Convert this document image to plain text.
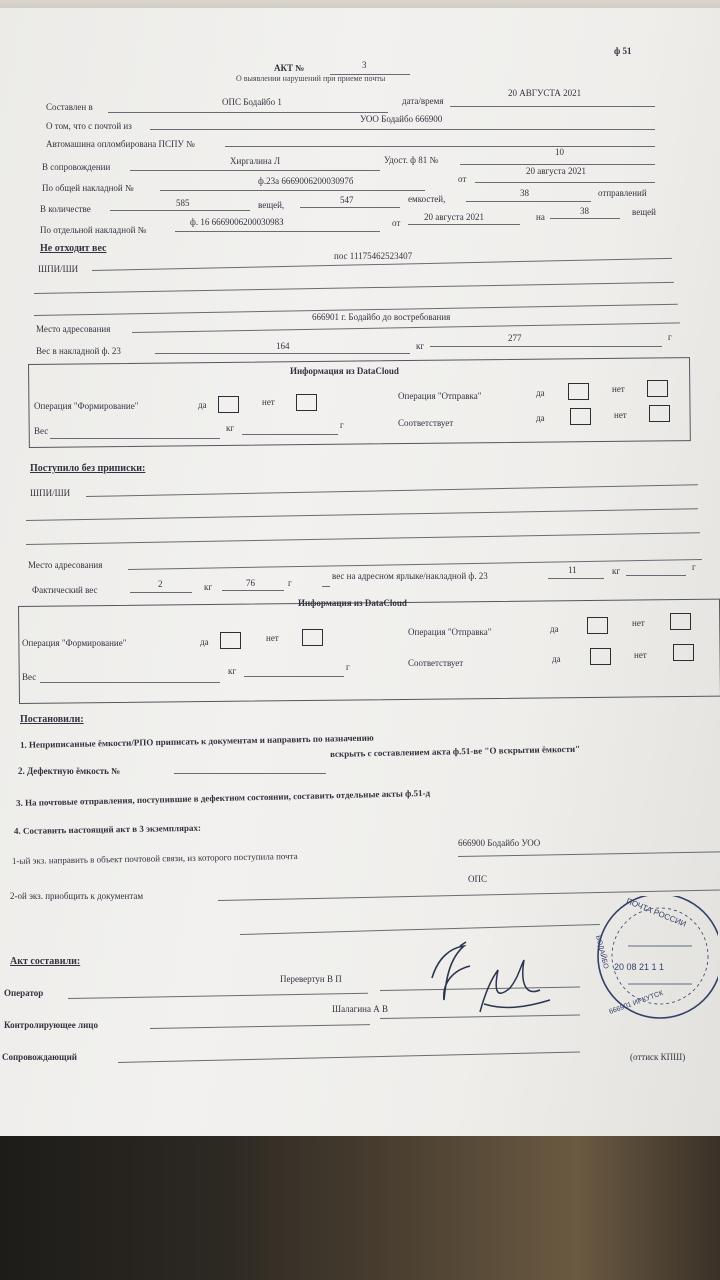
ф 51
АКТ №	3
О выявлении нарушений при приеме почты
Составлен в	ОПС Бодайбо 1	дата/время
20 АВГУСТА 2021
О том, что с почтой из
УОО Бодайбо 666900
Автомашина опломбирована ПСПУ №
В сопровождении
Хиргалина Л	Удост. ф 81 №
10
По общей накладной №
ф.23а 666900620003097б	от
20 августа 2021
В количестве
585	вещей,	547	емкостей,
38	отправлений
По отдельной накладной №
ф. 16 666900620003098З	от
20 августа 2021	на
38	вещей
Не отходит вес
ШПИ/ШИ
пос 11175462523407
Место адресования
666901 г. Бодайбо до востребования
Вес в накладной ф. 23	164	кг
277	г
Информация из DataCloud
Операция "Формирование"	да	нет
Операция "Отправка"	да	нет
Вес	кг	г	Соответствует	да	нет
Поступило без приписки:
ШПИ/ШИ
Место адресования
Фактический вес
2	кг	76	г
вес на адресном ярлыке/накладной ф. 23
11	кг	г
Информация из DataCloud
Операция "Формирование"	да	нет
Операция "Отправка"	да
нет
Вес
кг	г	Соответствует	да	нет
Постановили:
1. Неприписанные ёмкости/РПО приписать к документам и направить по назначению
2. Дефектную ёмкость №
вскрыть с составлением акта ф.51-ве "О вскрытии ёмкости"
3. На почтовые отправления, поступившие в дефектном состоянии, составить отдельные акты ф.51-д
4. Составить настоящий акт в 3 экземплярах:
1-ый экз. направить в объект почтовой связи, из которого поступила почта
666900 Бодайбо УОО
2-ой экз. приобщить к документам
ОПС
Акт составили:
Оператор
Перевертун В П
Контролирующее лицо
Шалагина А В
Сопровождающий
20 08 21 1 1
ПОЧТА РОССИИ
БОДАЙБО
666901 ИРКУТСК
(оттиск КПШ)
